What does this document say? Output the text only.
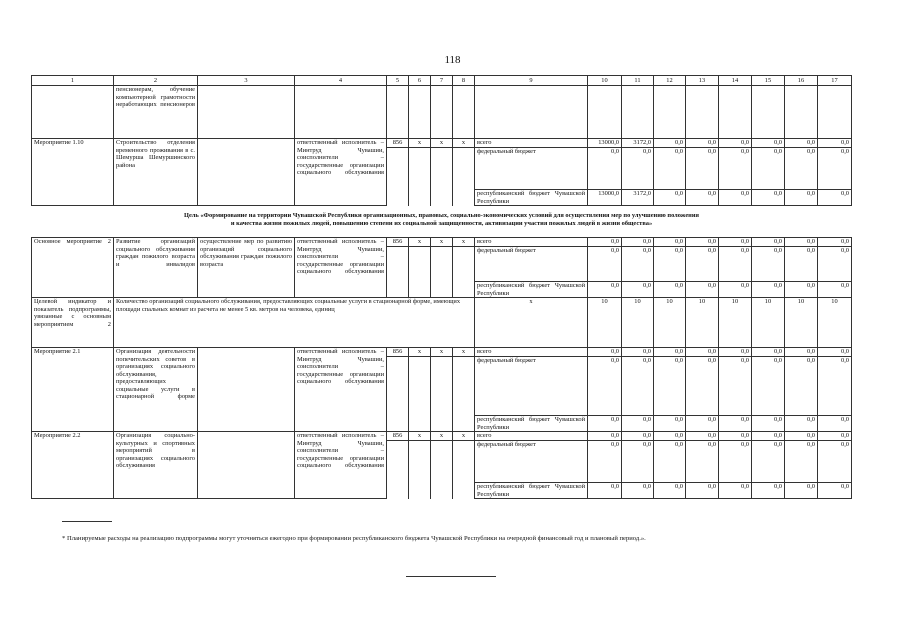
118
1	2	3	4	5	6	7	8	9	10	11	12	13	14	15	16	17
	пенсионерам, обучение компьютерной грамотности неработающих пенсионеров															
Мероприятие 1.10	Строительство отделения временного проживания в с. Шемурша Шемуршинского района		ответственный исполнитель – Минтруд Чувашии, соисполнители – государственные организации социального обслуживания	856	x	x	x	всего	13000,0	3172,0	0,0	0,0	0,0	0,0	0,0	0,0
								федеральный бюджет	0,0	0,0	0,0	0,0	0,0	0,0	0,0	0,0
								республиканский бюджет Чувашской Республики	13000,0	3172,0	0,0	0,0	0,0	0,0	0,0	0,0

Цель «Формирование на территории Чувашской Республики организационных, правовых, социально-экономических условий для осуществления мер по улучшению положения
и качества жизни пожилых людей, повышению степени их социальной защищенности, активизации участия пожилых людей в жизни общества»																

Основное мероприятие 2	Развитие организаций социального обслуживания граждан пожилого возраста и инвалидов	осуществление мер по развитию организаций социального обслуживания граждан пожилого возраста	ответственный исполнитель – Минтруд Чувашии, соисполнители – государственные организации социального обслуживания	856	x	x	x	всего	0,0	0,0	0,0	0,0	0,0	0,0	0,0	0,0
								федеральный бюджет	0,0	0,0	0,0	0,0	0,0	0,0	0,0	0,0
								республиканский бюджет Чувашской Республики	0,0	0,0	0,0	0,0	0,0	0,0	0,0	0,0
Целевой индикатор и показатель подпрограммы, увязанные с основным мероприятием 2	Количество организаций социального обслуживания, предоставляющих социальные услуги в стационарной форме, имеющих площади спальных комнат из расчета не менее 5 кв. метров на человека, единиц							x	10	10	10	10	10	10	10	10
Мероприятие 2.1	Организация деятельности попечительских советов в организациях социального обслуживания, предоставляющих социальные услуги в стационарной форме		ответственный исполнитель – Минтруд Чувашии, соисполнители – государственные организации социального обслуживания	856	x	x	x	всего	0,0	0,0	0,0	0,0	0,0	0,0	0,0	0,0
								федеральный бюджет	0,0	0,0	0,0	0,0	0,0	0,0	0,0	0,0
								республиканский бюджет Чувашской Республики	0,0	0,0	0,0	0,0	0,0	0,0	0,0	0,0
Мероприятие 2.2	Организация социально-культурных и спортивных мероприятий в организациях социального обслуживания		ответственный исполнитель – Минтруд Чувашии, соисполнители – государственные организации социального обслуживания	856	x	x	x	всего	0,0	0,0	0,0	0,0	0,0	0,0	0,0	0,0
								федеральный бюджет	0,0	0,0	0,0	0,0	0,0	0,0	0,0	0,0
								республиканский бюджет Чувашской Республики	0,0	0,0	0,0	0,0	0,0	0,0	0,0	0,0
* Планируемые расходы на реализацию подпрограммы могут уточняться ежегодно при формировании республиканского бюджета Чувашской Республики на очередной финансовый год и плановый период.».
